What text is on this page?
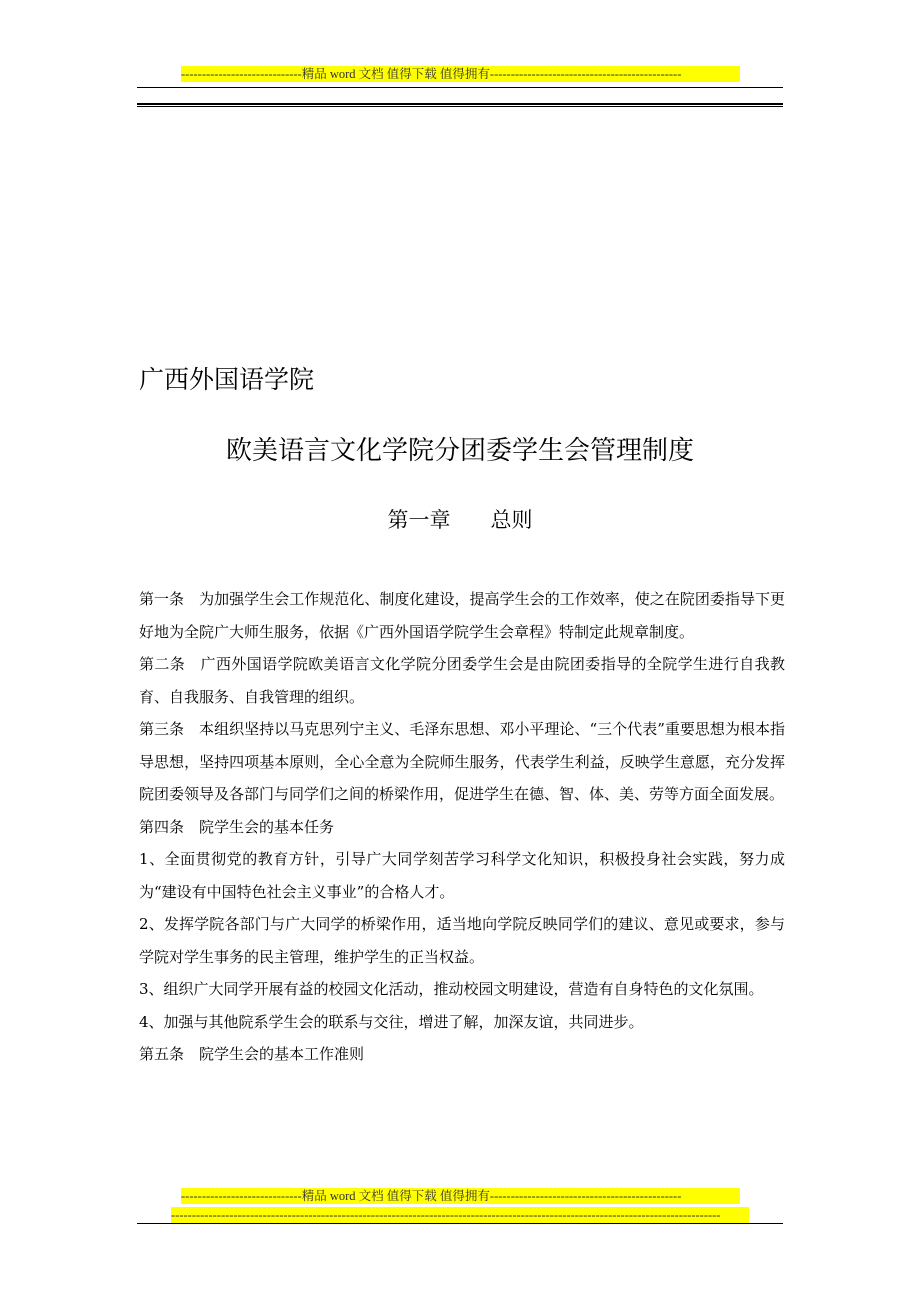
-----------------------------精品 word 文档 值得下载 值得拥有----------------------------------------------
广西外国语学院
欧美语言文化学院分团委学生会管理制度
第一章 总则

第一条　为加强学生会工作规范化、制度化建设，提高学生会的工作效率，使之在院团委指导下更好地为全院广大师生服务，依据《广西外国语学院学生会章程》特制定此规章制度。

第二条　广西外国语学院欧美语言文化学院分团委学生会是由院团委指导的全院学生进行自我教育、自我服务、自我管理的组织。

第三条　本组织坚持以马克思列宁主义、毛泽东思想、邓小平理论、“三个代表”重要思想为根本指导思想，坚持四项基本原则，全心全意为全院师生服务，代表学生利益，反映学生意愿，充分发挥院团委领导及各部门与同学们之间的桥梁作用，促进学生在德、智、体、美、劳等方面全面发展。

第四条　院学生会的基本任务

1、全面贯彻党的教育方针，引导广大同学刻苦学习科学文化知识，积极投身社会实践，努力成为“建设有中国特色社会主义事业”的合格人才。

2、发挥学院各部门与广大同学的桥梁作用，适当地向学院反映同学们的建议、意见或要求，参与学院对学生事务的民主管理，维护学生的正当权益。

3、组织广大同学开展有益的校园文化活动，推动校园文明建设，营造有自身特色的文化氛围。

4、加强与其他院系学生会的联系与交往，增进了解，加深友谊，共同进步。

第五条　院学生会的基本工作准则

-----------------------------精品 word 文档 值得下载 值得拥有----------------------------------------------
------------------------------------------------------------------------------------------------------------------------------------
